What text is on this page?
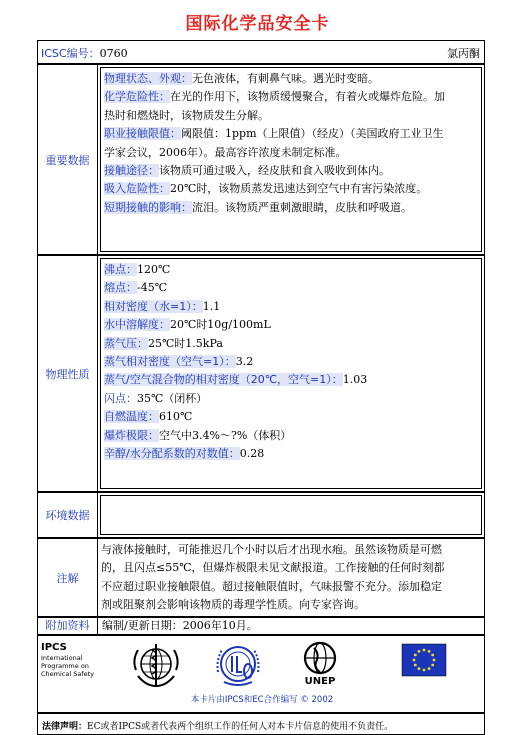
国际化学品安全卡
ICSC编号：0760	氯丙酮
重要数据
物理状态、外观：无色液体，有刺鼻气味。遇光时变暗。
化学危险性：在光的作用下，该物质缓慢聚合，有着火或爆炸危险。加
热时和燃烧时，该物质发生分解。
职业接触限值：阈限值：1ppm（上限值）（经皮）（美国政府工业卫生
学家会议，2006年）。最高容许浓度未制定标准。
接触途径：该物质可通过吸入，经皮肤和食入吸收到体内。
吸入危险性：20℃时，该物质蒸发迅速达到空气中有害污染浓度。
短期接触的影响：流泪。该物质严重刺激眼睛，皮肤和呼吸道。
物理性质
沸点：120℃
熔点：-45℃
相对密度（水=1）：1.1
水中溶解度：20℃时10g/100mL
蒸气压：25℃时1.5kPa
蒸气相对密度（空气=1）：3.2
蒸气/空气混合物的相对密度（20℃，空气=1）：1.03
闪点：35℃（闭杯）
自燃温度：610℃
爆炸极限：空气中3.4%～?%（体积）
辛醇/水分配系数的对数值：0.28
环境数据
注解
与液体接触时，可能推迟几个小时以后才出现水疱。虽然该物质是可燃
的，且闪点≤55℃，但爆炸极限未见文献报道。工作接触的任何时刻都
不应超过职业接触限值。超过接触限值时，气味报警不充分。添加稳定
剂或阻聚剂会影响该物质的毒理学性质。向专家咨询。
附加资料	编制/更新日期：2006年10月。
IPCS
International
Programme on
Chemical Safety
UNEP
本卡片由IPCS和EC合作编写 © 2002
法律声明：EC或者IPCS或者代表两个组织工作的任何人对本卡片信息的使用不负责任。
